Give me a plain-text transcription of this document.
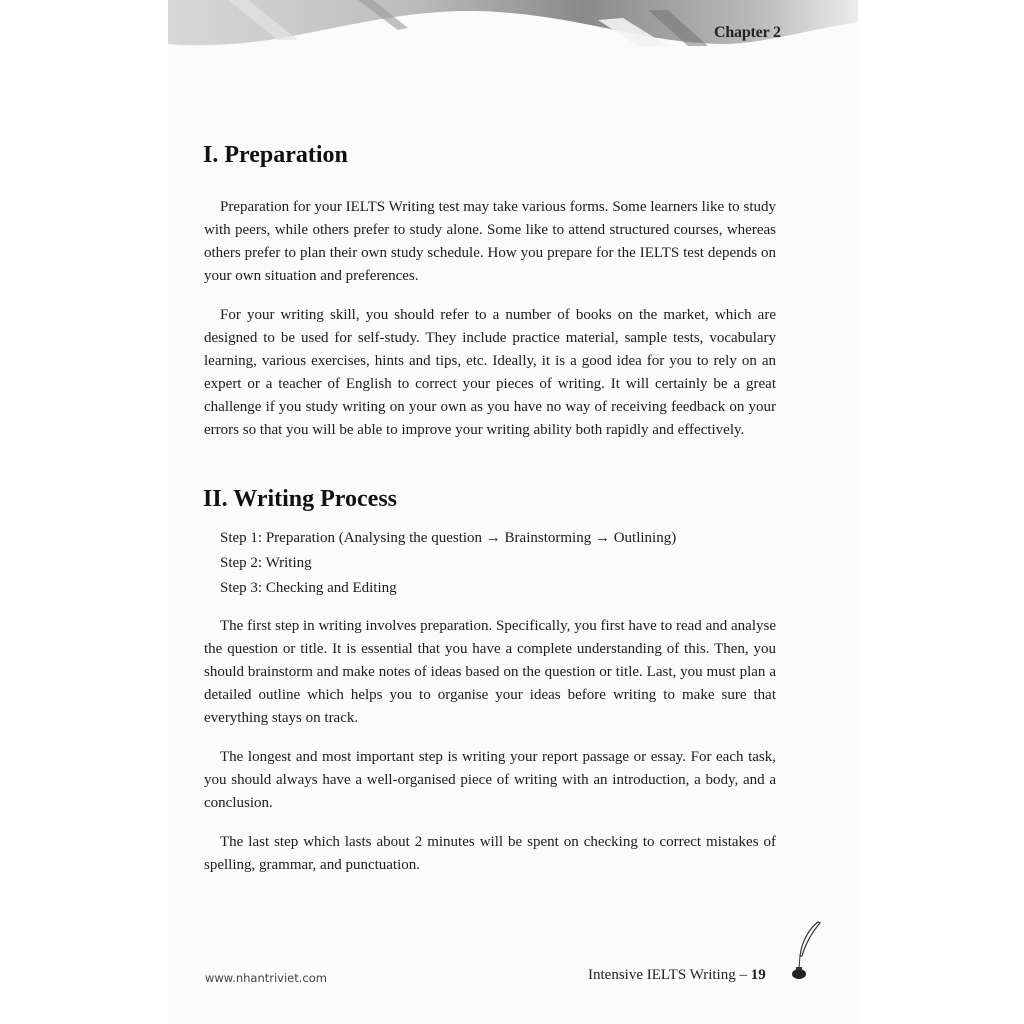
Chapter 2
I. Preparation

Preparation for your IELTS Writing test may take various forms. Some learners like to study with peers, while others prefer to study alone. Some like to attend structured courses, whereas others prefer to plan their own study schedule. How you prepare for the IELTS test depends on your own situation and preferences.

For your writing skill, you should refer to a number of books on the market, which are designed to be used for self-study. They include practice material, sample tests, vocabulary learning, various exercises, hints and tips, etc. Ideally, it is a good idea for you to rely on an expert or a teacher of English to correct your pieces of writing. It will certainly be a great challenge if you study writing on your own as you have no way of receiving feedback on your errors so that you will be able to improve your writing ability both rapidly and effectively.

II. Writing Process
Step 1: Preparation (Analysing the question → Brainstorming → Outlining)
Step 2: Writing
Step 3: Checking and Editing

The first step in writing involves preparation. Specifically, you first have to read and analyse the question or title. It is essential that you have a complete understanding of this. Then, you should brainstorm and make notes of ideas based on the question or title. Last, you must plan a detailed outline which helps you to organise your ideas before writing to make sure that everything stays on track.

The longest and most important step is writing your report passage or essay. For each task, you should always have a well-organised piece of writing with an introduction, a body, and a conclusion.

The last step which lasts about 2 minutes will be spent on checking to correct mistakes of spelling, grammar, and punctuation.

www.nhantriviet.com	Intensive IELTS Writing – 19
